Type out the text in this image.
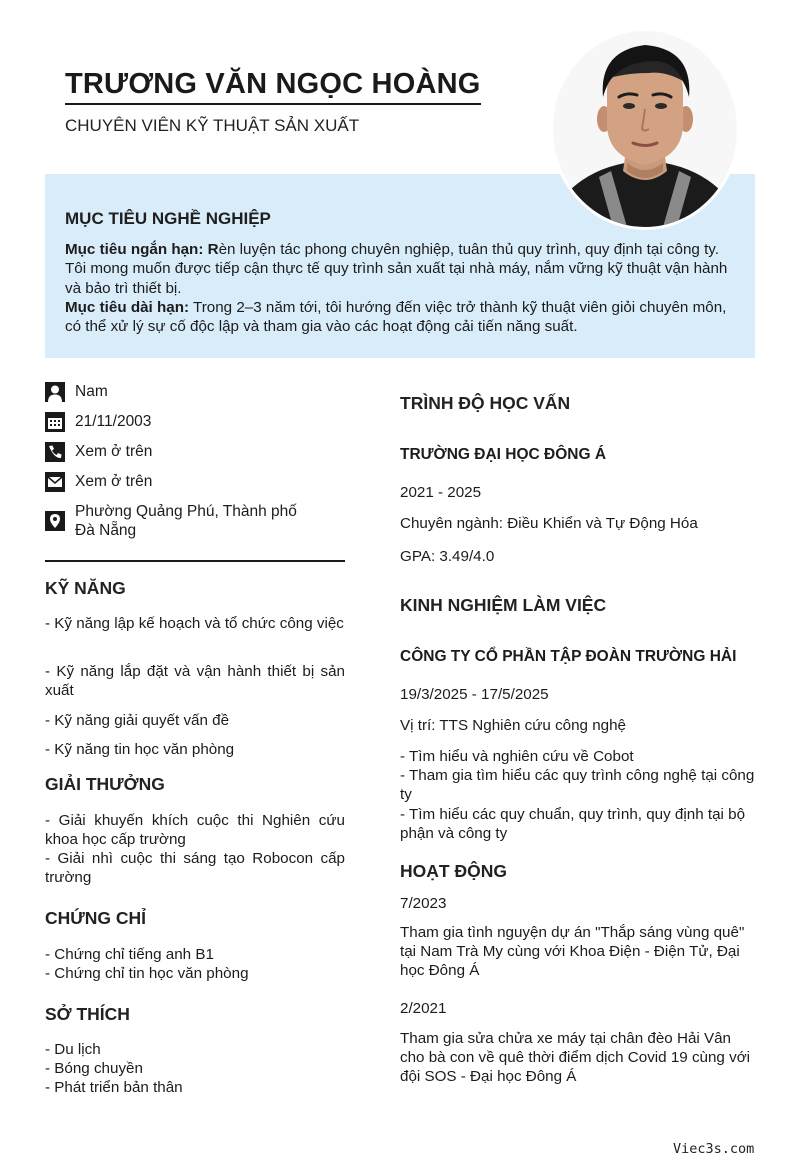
TRƯƠNG VĂN NGỌC HOÀNG
CHUYÊN VIÊN KỸ THUẬT SẢN XUẤT
MỤC TIÊU NGHỀ NGHIỆP
Mục tiêu ngắn hạn: Rèn luyện tác phong chuyên nghiệp, tuân thủ quy trình, quy định tại công ty. Tôi mong muốn được tiếp cận thực tế quy trình sản xuất tại nhà máy, nắm vững kỹ thuật vận hành và bảo trì thiết bị.
Mục tiêu dài hạn: Trong 2–3 năm tới, tôi hướng đến việc trở thành kỹ thuật viên giỏi chuyên môn, có thể xử lý sự cố độc lập và tham gia vào các hoạt động cải tiến năng suất.
Nam
21/11/2003
Xem ở trên
Xem ở trên
Phường Quảng Phú, Thành phố Đà Nẵng
KỸ NĂNG
- Kỹ năng lập kế hoạch và tổ chức công việc
- Kỹ năng lắp đặt và vận hành thiết bị sản xuất
- Kỹ năng giải quyết vấn đề
- Kỹ năng tin học văn phòng
GIẢI THƯỞNG
- Giải khuyến khích cuộc thi Nghiên cứu khoa học cấp trường
- Giải nhì cuộc thi sáng tạo Robocon cấp trường
CHỨNG CHỈ
- Chứng chỉ tiếng anh B1
- Chứng chỉ tin học văn phòng
SỞ THÍCH
- Du lịch
- Bóng chuyền
- Phát triển bản thân
TRÌNH ĐỘ HỌC VẤN
TRƯỜNG ĐẠI HỌC ĐÔNG Á
2021 - 2025
Chuyên ngành: Điều Khiển và Tự Động Hóa
GPA: 3.49/4.0
KINH NGHIỆM LÀM VIỆC
CÔNG TY CỔ PHẦN TẬP ĐOÀN TRƯỜNG HẢI
19/3/2025 - 17/5/2025
Vị trí: TTS Nghiên cứu công nghệ
- Tìm hiểu và nghiên cứu về Cobot
- Tham gia tìm hiểu các quy trình công nghệ tại công ty
- Tìm hiểu các quy chuẩn, quy trình, quy định tại bộ phận và công ty
HOẠT ĐỘNG
7/2023
Tham gia tình nguyện dự án "Thắp sáng vùng quê" tại Nam Trà My cùng với Khoa Điện - Điện Tử, Đại học Đông Á
2/2021
Tham gia sửa chửa xe máy tại chân đèo Hải Vân cho bà con về quê thời điểm dịch Covid 19 cùng với đội SOS - Đại học Đông Á
Viec3s.com
